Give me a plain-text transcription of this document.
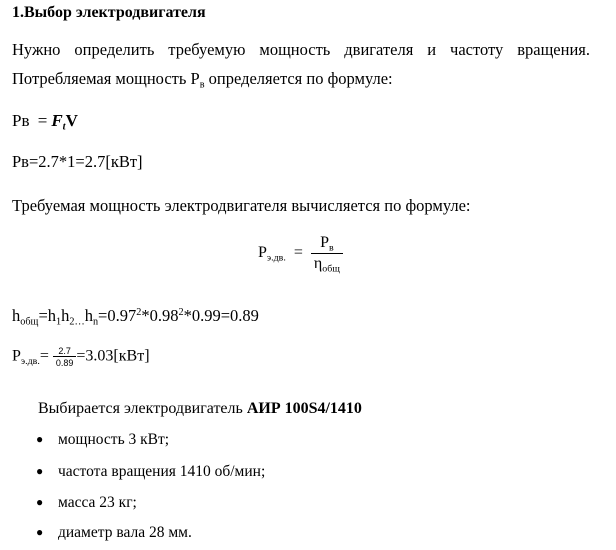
1.Выбор электродвигателя
Нужно определить требуемую мощность двигателя и частоту вращения.
Потребляемая мощность $P_в$ определяется по формуле:
Рв = $F_tV$
Рв=2.7*1=2.7[кВт]
Требуемая мощность электродвигателя вычисляется по формуле:
$P_{э.дв.} = \frac{P_в}{\eta_{общ}}$
$h_{общ}=h_1h_{2\dots}h_n=0.97^2*0.98^2*0.99=0.89$
$P_{э.дв.}= \frac{2.7}{0.89} =3.03[кВт]$
Выбирается электродвигатель АИР 100S4/1410
● мощность 3 кВт;
● частота вращения 1410 об/мин;
● масса 23 кг;
● диаметр вала 28 мм.
